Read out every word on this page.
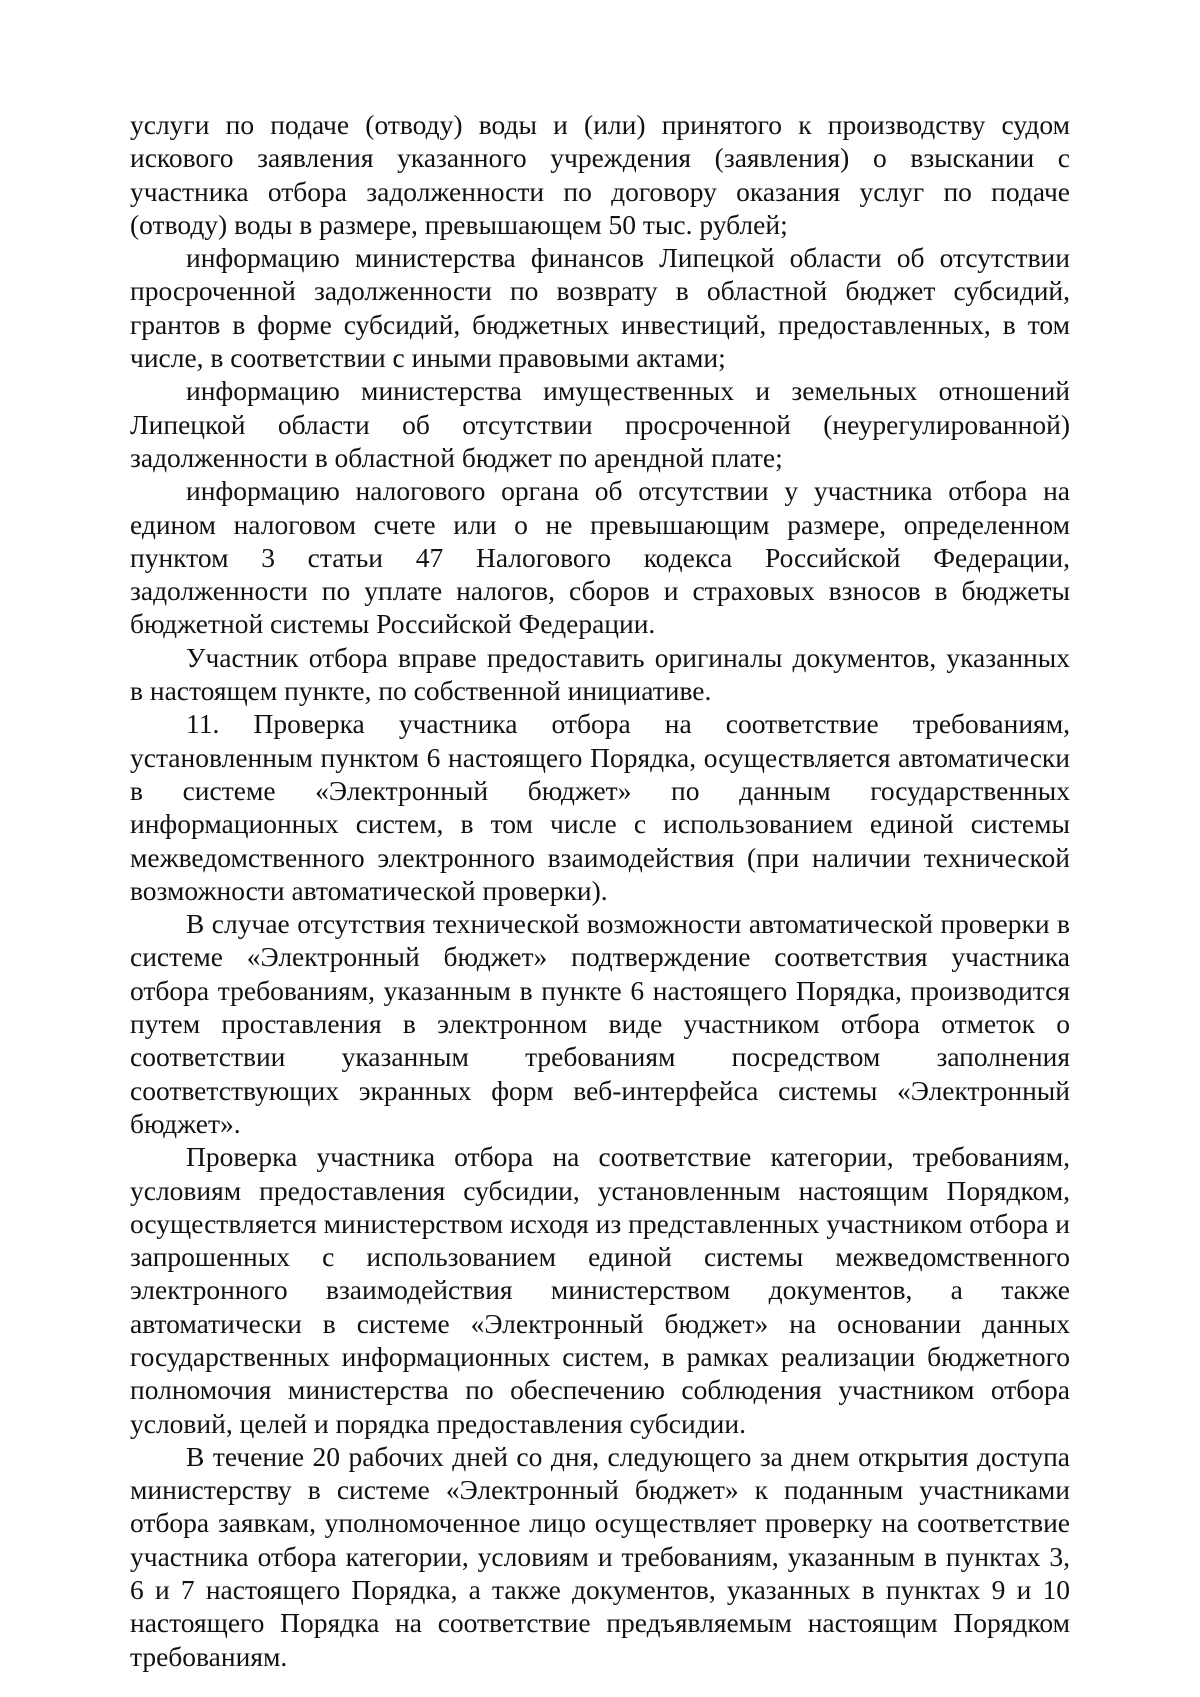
услуги по подаче (отводу) воды и (или) принятого к производству судом искового заявления указанного учреждения (заявления) о взыскании с участника отбора задолженности по договору оказания услуг по подаче (отводу) воды в размере, превышающем 50 тыс. рублей;

информацию министерства финансов Липецкой области об отсутствии просроченной задолженности по возврату в областной бюджет субсидий, грантов в форме субсидий, бюджетных инвестиций, предоставленных, в том числе, в соответствии с иными правовыми актами;

информацию министерства имущественных и земельных отношений Липецкой области об отсутствии просроченной (неурегулированной) задолженности в областной бюджет по арендной плате;

информацию налогового органа об отсутствии у участника отбора на едином налоговом счете или о не превышающим размере, определенном пунктом 3 статьи 47 Налогового кодекса Российской Федерации, задолженности по уплате налогов, сборов и страховых взносов в бюджеты бюджетной системы Российской Федерации.

Участник отбора вправе предоставить оригиналы документов, указанных в настоящем пункте, по собственной инициативе.

11. Проверка участника отбора на соответствие требованиям, установленным пунктом 6 настоящего Порядка, осуществляется автоматически в системе «Электронный бюджет» по данным государственных информационных систем, в том числе с использованием единой системы межведомственного электронного взаимодействия (при наличии технической возможности автоматической проверки).

В случае отсутствия технической возможности автоматической проверки в системе «Электронный бюджет» подтверждение соответствия участника отбора требованиям, указанным в пункте 6 настоящего Порядка, производится путем проставления в электронном виде участником отбора отметок о соответствии указанным требованиям посредством заполнения соответствующих экранных форм веб-интерфейса системы «Электронный бюджет».

Проверка участника отбора на соответствие категории, требованиям, условиям предоставления субсидии, установленным настоящим Порядком, осуществляется министерством исходя из представленных участником отбора и запрошенных с использованием единой системы межведомственного электронного взаимодействия министерством документов, а также автоматически в системе «Электронный бюджет» на основании данных государственных информационных систем, в рамках реализации бюджетного полномочия министерства по обеспечению соблюдения участником отбора условий, целей и порядка предоставления субсидии.

В течение 20 рабочих дней со дня, следующего за днем открытия доступа министерству в системе «Электронный бюджет» к поданным участниками отбора заявкам, уполномоченное лицо осуществляет проверку на соответствие участника отбора категории, условиям и требованиям, указанным в пунктах 3, 6 и 7 настоящего Порядка, а также документов, указанных в пунктах 9 и 10 настоящего Порядка на соответствие предъявляемым настоящим Порядком требованиям.
